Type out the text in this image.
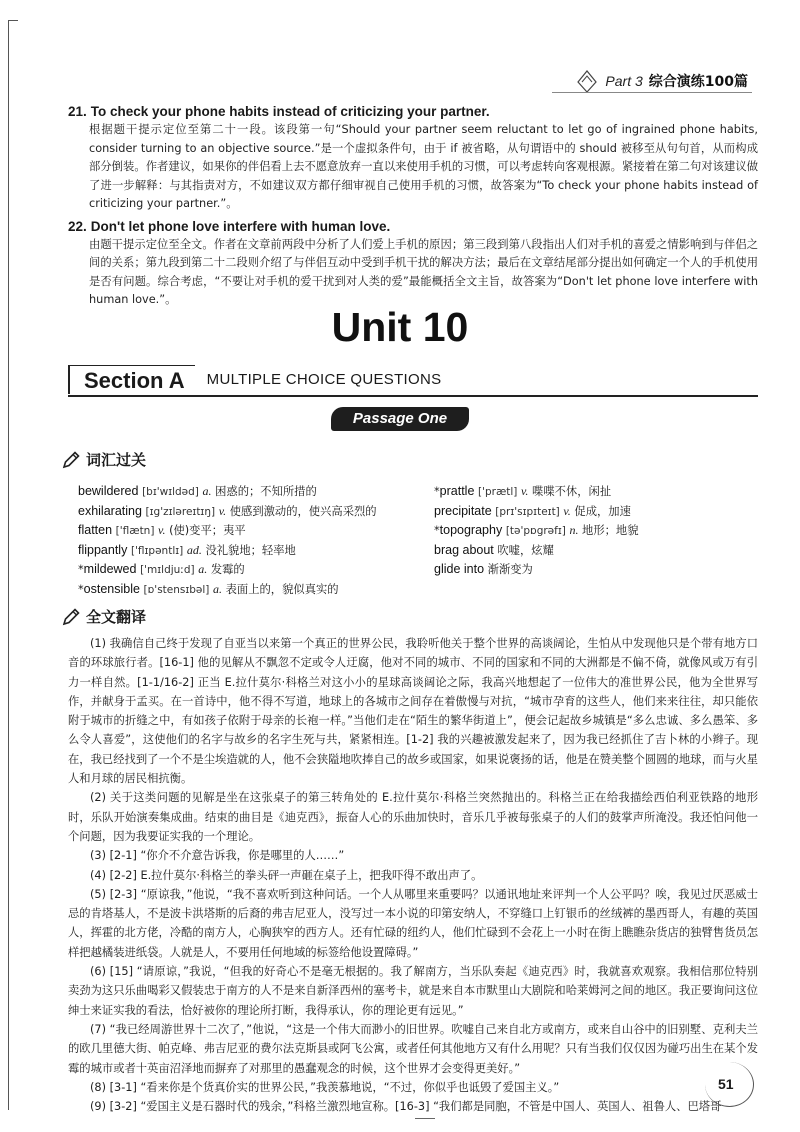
Part 3 综合演练100篇
21. To check your phone habits instead of criticizing your partner.
根据题干提示定位至第二十一段。该段第一句“Should your partner seem reluctant to let go of ingrained phone habits, consider turning to an objective source.”是一个虚拟条件句，由于 if 被省略，从句谓语中的 should 被移至从句句首，从而构成部分倒装。作者建议，如果你的伴侣看上去不愿意放弃一直以来使用手机的习惯，可以考虑转向客观根源。紧接着在第二句对该建议做了进一步解释：与其指责对方，不如建议双方都仔细审视自己使用手机的习惯，故答案为“To check your phone habits instead of criticizing your partner.”。
22. Don't let phone love interfere with human love.
由题干提示定位至全文。作者在文章前两段中分析了人们爱上手机的原因；第三段到第八段指出人们对手机的喜爱之情影响到与伴侣之间的关系；第九段到第二十二段则介绍了与伴侣互动中受到手机干扰的解决方法；最后在文章结尾部分提出如何确定一个人的手机使用是否有问题。综合考虑，“不要让对手机的爱干扰到对人类的爱”最能概括全文主旨，故答案为“Don't let phone love interfere with human love.”。
Unit 10
Section A	MULTIPLE CHOICE QUESTIONS
Passage One
词汇过关
bewildered [bɪ'wɪldəd] a. 困惑的；不知所措的
exhilarating [ɪg'zɪləreɪtɪŋ] v. 使感到激动的，使兴高采烈的
flatten ['flætn] v. (使)变平；夷平
flippantly ['flɪpəntlɪ] ad. 没礼貌地；轻率地
*mildewed ['mɪldjuːd] a. 发霉的
*ostensible [ɒ'stensɪbəl] a. 表面上的，貌似真实的
*prattle ['prætl] v. 喋喋不休，闲扯
precipitate [prɪ'sɪpɪteɪt] v. 促成，加速
*topography [tə'pɒgrəfɪ] n. 地形；地貌
brag about 吹嘘，炫耀
glide into 渐渐变为
全文翻译

(1) 我确信自己终于发现了自亚当以来第一个真正的世界公民，我聆听他关于整个世界的高谈阔论，生怕从中发现他只是个带有地方口音的环球旅行者。[16-1] 他的见解从不飘忽不定或令人迂腐，他对不同的城市、不同的国家和不同的大洲都是不偏不倚，就像风或万有引力一样自然。[1-1/16-2] 正当 E.拉什莫尔·科格兰对这小小的星球高谈阔论之际，我高兴地想起了一位伟大的准世界公民，他为全世界写作，并献身于孟买。在一首诗中，他不得不写道，地球上的各城市之间存在着傲慢与对抗，“城市孕育的这些人，他们来来往往，却只能依附于城市的折缝之中，有如孩子依附于母亲的长袍一样。”当他们走在“陌生的繁华街道上”，便会记起故乡城镇是“多么忠诚、多么愚笨、多么令人喜爱”，这使他们的名字与故乡的名字生死与共，紧紧相连。[1-2] 我的兴趣被激发起来了，因为我已经抓住了吉卜林的小辫子。现在，我已经找到了一个不是尘埃造就的人，他不会狭隘地吹捧自己的故乡或国家，如果说褒扬的话，他是在赞美整个圆圆的地球，而与火星人和月球的居民相抗衡。

(2) 关于这类问题的见解是坐在这张桌子的第三转角处的 E.拉什莫尔·科格兰突然抛出的。科格兰正在给我描绘西伯利亚铁路的地形时，乐队开始演奏集成曲。结束的曲目是《迪克西》，振奋人心的乐曲加快时，音乐几乎被每张桌子的人们的鼓掌声所淹没。我还怕问他一个问题，因为我要证实我的一个理论。

(3) [2-1] “你介不介意告诉我，你是哪里的人……”

(4) [2-2] E.拉什莫尔·科格兰的拳头砰一声砸在桌子上，把我吓得不敢出声了。

(5) [2-3] “原谅我，”他说，“我不喜欢听到这种问话。一个人从哪里来重要吗？以通讯地址来评判一个人公平吗？唉，我见过厌恶威士忌的肯塔基人，不是波卡洪塔斯的后裔的弗吉尼亚人，没写过一本小说的印第安纳人，不穿缝口上钉银币的丝绒裤的墨西哥人，有趣的英国人，挥霍的北方佬，冷酷的南方人，心胸狭窄的西方人。还有忙碌的纽约人，他们忙碌到不会花上一小时在街上瞧瞧杂货店的独臂售货员怎样把越橘装进纸袋。人就是人，不要用任何地域的标签给他设置障碍。”

(6) [15] “请原谅，”我说，“但我的好奇心不是毫无根据的。我了解南方，当乐队奏起《迪克西》时，我就喜欢观察。我相信那位特别卖劲为这只乐曲喝彩又假装忠于南方的人不是来自新泽西州的塞考卡，就是来自本市默里山大剧院和哈莱姆河之间的地区。我正要询问这位绅士来证实我的看法，恰好被你的理论所打断，我得承认，你的理论更有远见。”

(7) “我已经周游世界十二次了，”他说，“这是一个伟大而渺小的旧世界。吹嘘自己来自北方或南方，或来自山谷中的旧别墅、克利夫兰的欧几里德大街、帕克峰、弗吉尼亚的费尔法克斯县或阿飞公寓，或者任何其他地方又有什么用呢？只有当我们仅仅因为碰巧出生在某个发霉的城市或者十英亩沼泽地而摒弃了对那里的愚蠢观念的时候，这个世界才会变得更美好。”

(8) [3-1] “看来你是个货真价实的世界公民，”我羡慕地说，“不过，你似乎也诋毁了爱国主义。”

(9) [3-2] “爱国主义是石器时代的残余，”科格兰激烈地宣称。[16-3] “我们都是同胞，不管是中国人、英国人、祖鲁人、巴塔哥

51
